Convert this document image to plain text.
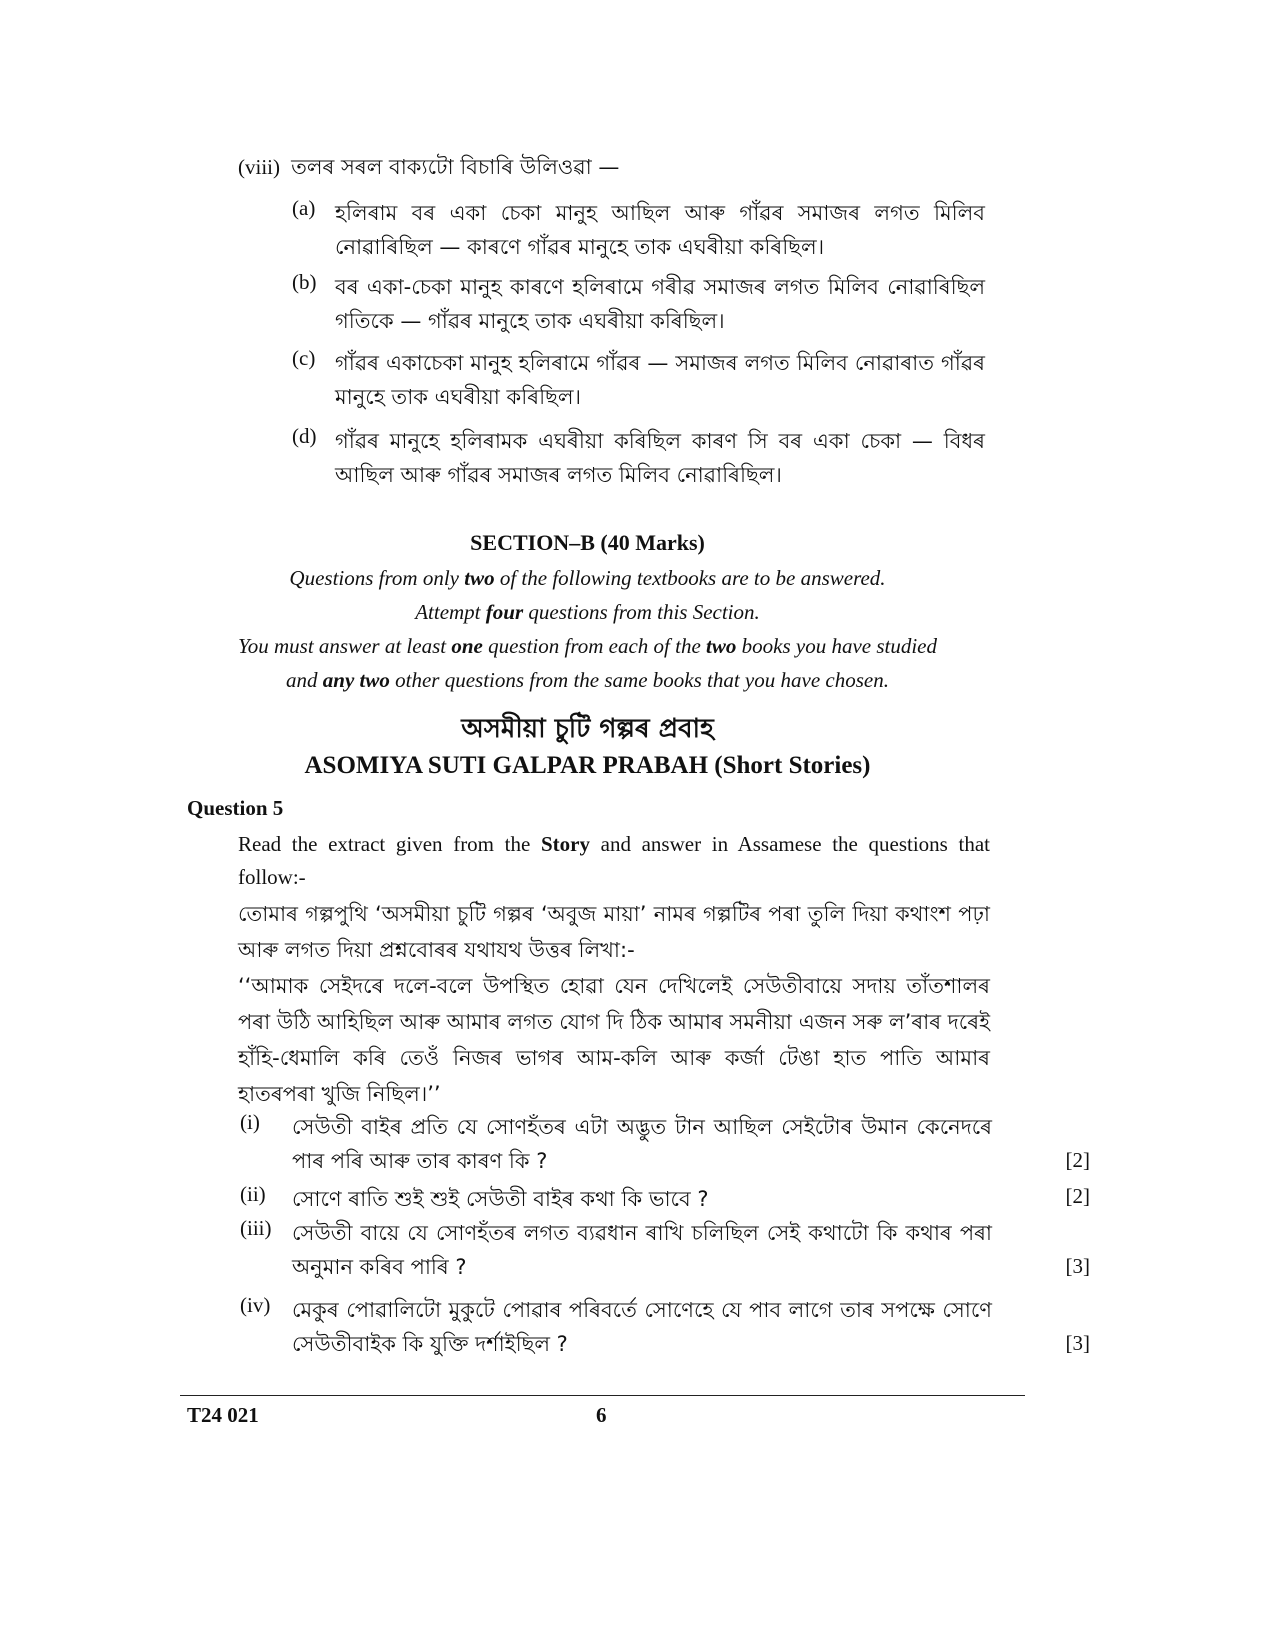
(viii) তলৰ সৰল বাক্যটো বিচাৰি উলিওৱা —
(a) হলিৰাম বৰ একা চেকা মানুহ আছিল আৰু গাঁৱৰ সমাজৰ লগত মিলিব নোৱাৰিছিল — কাৰণে গাঁৱৰ মানুহে তাক এঘৰীয়া কৰিছিল।
(b) বৰ একা-চেকা মানুহ কাৰণে হলিৰামে গৰীৱ সমাজৰ লগত মিলিব নোৱাৰিছিল গতিকে — গাঁৱৰ মানুহে তাক এঘৰীয়া কৰিছিল।
(c) গাঁৱৰ একাচেকা মানুহ হলিৰামে গাঁৱৰ — সমাজৰ লগত মিলিব নোৱাৰাত গাঁৱৰ মানুহে তাক এঘৰীয়া কৰিছিল।
(d) গাঁৱৰ মানুহে হলিৰামক এঘৰীয়া কৰিছিল কাৰণ সি বৰ একা চেকা — বিধৰ আছিল আৰু গাঁৱৰ সমাজৰ লগত মিলিব নোৱাৰিছিল।
SECTION–B (40 Marks)
Questions from only two of the following textbooks are to be answered.
Attempt four questions from this Section.
You must answer at least one question from each of the two books you have studied
and any two other questions from the same books that you have chosen.
অসমীয়া চুটি গল্পৰ প্ৰবাহ
ASOMIYA SUTI GALPAR PRABAH (Short Stories)
Question 5
Read the extract given from the Story and answer in Assamese the questions that follow:-
তোমাৰ গল্পপুথি ‘অসমীয়া চুটি গল্পৰ ‘অবুজ মায়া’ নামৰ গল্পটিৰ পৰা তুলি দিয়া কথাংশ পঢ়া আৰু লগত দিয়া প্ৰশ্নবোৰৰ যথাযথ উত্তৰ লিখা:-
‘‘আমাক সেইদৰে দলে-বলে উপস্থিত হোৱা যেন দেখিলেই সেউতীবায়ে সদায় তাঁতশালৰ পৰা উঠি আহিছিল আৰু আমাৰ লগত যোগ দি ঠিক আমাৰ সমনীয়া এজন সৰু ল’ৰাৰ দৰেই হাঁহি-ধেমালি কৰি তেওঁ নিজৰ ভাগৰ আম-কলি আৰু কৰ্জা টেঙা হাত পাতি আমাৰ হাতৰপৰা খুজি নিছিল।’’
(i) সেউতী বাইৰ প্ৰতি যে সোণহঁতৰ এটা অদ্ভুত টান আছিল সেইটোৰ উমান কেনেদৰে পাৰ পৰি আৰু তাৰ কাৰণ কি ?	[2]
(ii) সোণে ৰাতি শুই শুই সেউতী বাইৰ কথা কি ভাবে ?	[2]
(iii) সেউতী বায়ে যে সোণহঁতৰ লগত ব্যৱধান ৰাখি চলিছিল সেই কথাটো কি কথাৰ পৰা অনুমান কৰিব পাৰি ?	[3]
(iv) মেকুৰ পোৱালিটো মুকুটে পোৱাৰ পৰিবৰ্তে সোণেহে যে পাব লাগে তাৰ সপক্ষে সোণে সেউতীবাইক কি যুক্তি দৰ্শাইছিল ?	[3]
T24 021	6
